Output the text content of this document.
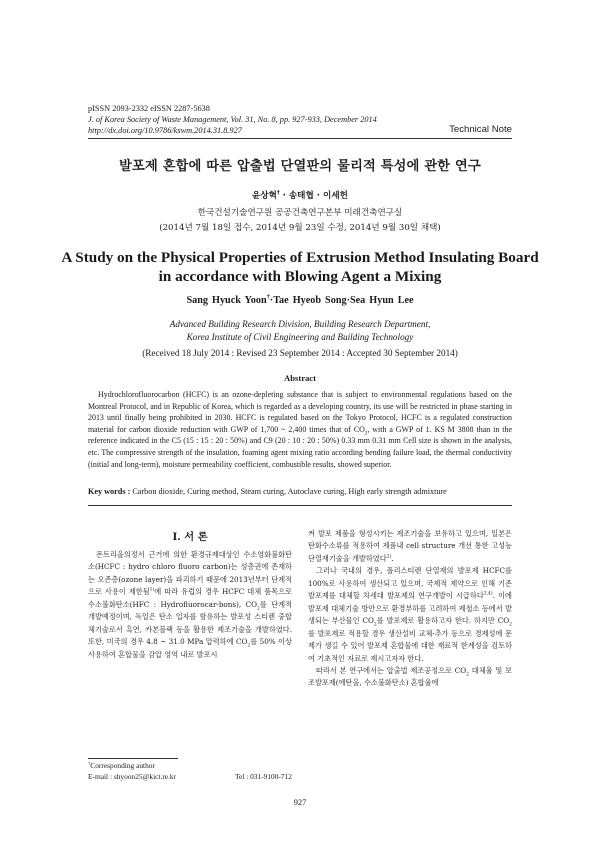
pISSN 2093-2332 eISSN 2287-5638
J. of Korea Society of Waste Management, Vol. 31, No. 8, pp. 927-933, December 2014
http://dx.doi.org/10.9786/kswm.2014.31.8.927	Technical Note
발포제 혼합에 따른 압출법 단열판의 물리적 특성에 관한 연구
윤상혁† · 송태협 · 이세헌
한국건설기술연구원 공공건축연구본부 미래건축연구실
(2014년 7월 18일 접수, 2014년 9월 23일 수정, 2014년 9월 30일 채택)
A Study on the Physical Properties of Extrusion Method Insulating Board
in accordance with Blowing Agent a Mixing
Sang Hyuck Yoon†·Tae Hyeob Song·Sea Hyun Lee
Advanced Building Research Division, Building Research Department,
Korea Institute of Civil Engineering and Building Technology
(Received 18 July 2014 : Revised 23 September 2014 : Accepted 30 September 2014)
Abstract
Hydrochlorofluorocarbon (HCFC) is an ozone-depleting substance that is subject to environmental regulations based on the Montreal Protocol, and in Republic of Korea, which is regarded as a developing country, its use will be restricted in phase starting in 2013 until finally being prohibited in 2030. HCFC is regulated based on the Tokyo Protocol, HCFC is a regulated construction material for carbon dioxide reduction with GWP of 1,700 ~ 2,400 times that of $CO_2$, with a GWP of 1. KS M 3808 than in the reference indicated in the C5 (15 : 15 : 20 : 50%) and C9 (20 : 10 : 20 : 50%) 0.33 mm 0.31 mm Cell size is shown in the analysis, etc. The compressive strength of the insulation, foaming agent mixing ratio according bending failure load, the thermal conductivity (initial and long-term), moisture permeability coefficient, combustible results, showed superior.
Key words : Carbon dioxide, Curing method, Steam curing, Autoclave curing, High early strength admixture
I. 서 론
몬트리올의정서 근거에 의한 환경규제대상인 수소염화불화탄소(HCFC : hydro chloro fluoro carbon)는 성층권에 존재하는 오존층(ozone layer)을 파괴하기 때문에 2013년부터 단계적으로 사용이 제한됨$^{1)}$에 따라 유럽의 경우 HCFC 대체 품목으로 수소불화탄소(HFC : Hydrofluorocar-bons), $CO_2$를 단계적 개발예정이며, 독일은 탄소 입자를 함유하는 발포성 스티렌 중합체기술로서 흑연, 카본블랙 등을 활용한 제조기술을 개발하였다. 또한, 미국의 경우 4.8 ~ 31.0 MPa 압력하에 $CO_2$를 50% 이상 사용하여 혼합물을 감압 영역 내로 발포시
†Corresponding author
E-mail : shyoon25@kict.re.kr	Tel : 031-9100-712

켜 발포 제품을 형성시키는 제조기술을 보유하고 있으며, 일본은 탄화수소류를 적용하여 제품내 cell structure 개선 통한 고성능단열재기술을 개발하였다$^{2)}$.

그러나 국내의 경우, 폴리스티렌 단열재의 발포제 HCFC를 100%로 사용하여 생산되고 있으며, 국제적 제약으로 인해 기존 발포제를 대체할 차세대 발포제의 연구개발이 시급하다$^{3,4)}$. 이에 발포제 대체기술 방안으로 환경부하를 고려하여 제철소 등에서 발생되는 부산물인 $CO_2$를 발포제로 활용하고자 한다. 하지만 $CO_2$를 발포제로 적용할 경우 생산설비 교체·추가 등으로 경제성에 문제가 생길 수 있어 발포제 혼합물에 대한 재료적 한계성을 검토하여 기초적인 자료로 제시고자자 한다.

따라서 본 연구에서는 압출법 제조공정으로 $CO_2$ 대체율 및 보조발포제(에탄올, 수소불화탄소) 혼합율에

927
